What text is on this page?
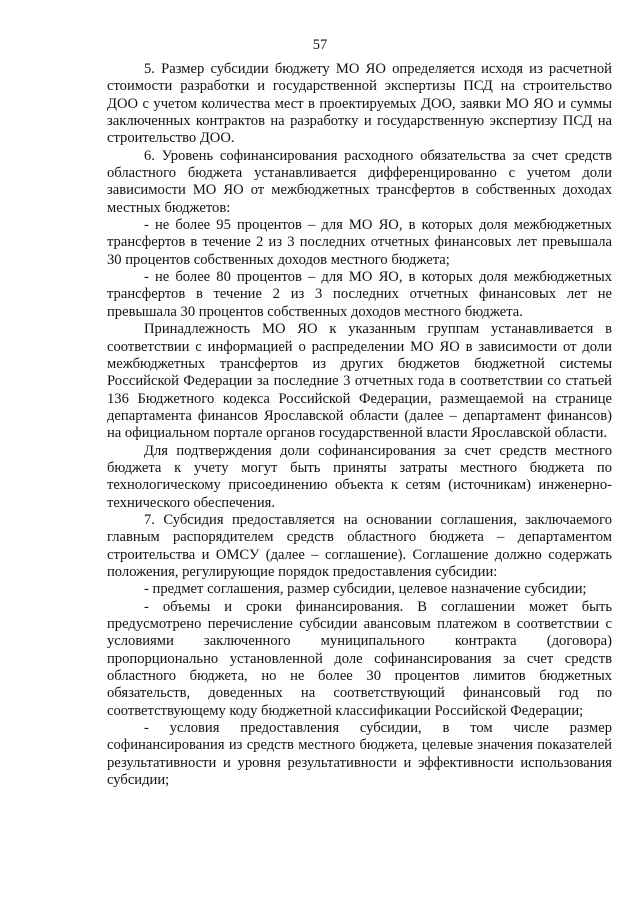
57

5. Размер субсидии бюджету МО ЯО определяется исходя из расчетной стоимости разработки и государственной экспертизы ПСД на строительство ДОО с учетом количества мест в проектируемых ДОО, заявки МО ЯО и суммы заключенных контрактов на разработку и государственную экспертизу ПСД на строительство ДОО.

6. Уровень софинансирования расходного обязательства за счет средств областного бюджета устанавливается дифференцированно с учетом доли зависимости МО ЯО от межбюджетных трансфертов в собственных доходах местных бюджетов:

- не более 95 процентов – для МО ЯО, в которых доля межбюджетных трансфертов в течение 2 из 3 последних отчетных финансовых лет превышала 30 процентов собственных доходов местного бюджета;

- не более 80 процентов – для МО ЯО, в которых доля межбюджетных трансфертов в течение 2 из 3 последних отчетных финансовых лет не превышала 30 процентов собственных доходов местного бюджета.

Принадлежность МО ЯО к указанным группам устанавливается в соответствии с информацией о распределении МО ЯО в зависимости от доли межбюджетных трансфертов из других бюджетов бюджетной системы Российской Федерации за последние 3 отчетных года в соответствии со статьей 136 Бюджетного кодекса Российской Федерации, размещаемой на странице департамента финансов Ярославской области (далее – департамент финансов) на официальном портале органов государственной власти Ярославской области.

Для подтверждения доли софинансирования за счет средств местного бюджета к учету могут быть приняты затраты местного бюджета по технологическому присоединению объекта к сетям (источникам) инженерно-технического обеспечения.

7. Субсидия предоставляется на основании соглашения, заключаемого главным распорядителем средств областного бюджета – департаментом строительства и ОМСУ (далее – соглашение). Соглашение должно содержать положения, регулирующие порядок предоставления субсидии:

- предмет соглашения, размер субсидии, целевое назначение субсидии;

- объемы и сроки финансирования. В соглашении может быть предусмотрено перечисление субсидии авансовым платежом в соответствии с условиями заключенного муниципального контракта (договора) пропорционально установленной доле софинансирования за счет средств областного бюджета, но не более 30 процентов лимитов бюджетных обязательств, доведенных на соответствующий финансовый год по соответствующему коду бюджетной классификации Российской Федерации;

- условия предоставления субсидии, в том числе размер софинансирования из средств местного бюджета, целевые значения показателей результативности и уровня результативности и эффективности использования субсидии;
